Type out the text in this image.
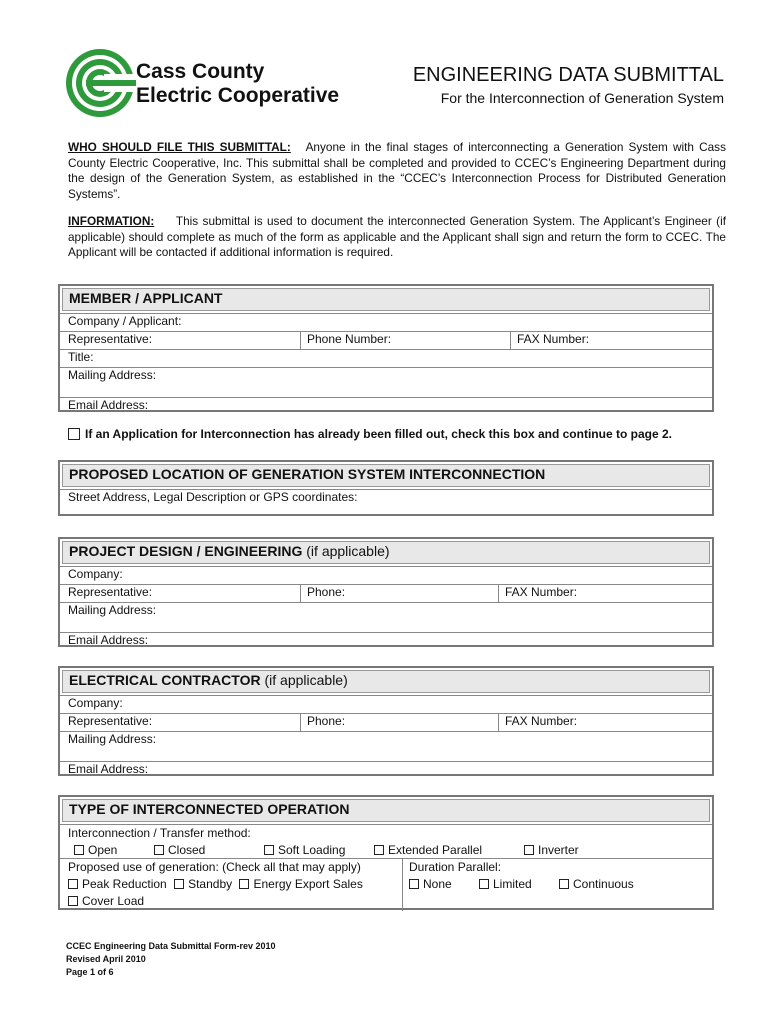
Cass County
Electric Cooperative
ENGINEERING DATA SUBMITTAL
For the Interconnection of Generation System
WHO SHOULD FILE THIS SUBMITTAL: Anyone in the final stages of interconnecting a Generation System with Cass County Electric Cooperative, Inc. This submittal shall be completed and provided to CCEC’s Engineering Department during the design of the Generation System, as established in the “CCEC’s Interconnection Process for Distributed Generation Systems”.
INFORMATION: This submittal is used to document the interconnected Generation System. The Applicant’s Engineer (if applicable) should complete as much of the form as applicable and the Applicant shall sign and return the form to CCEC. The Applicant will be contacted if additional information is required.
MEMBER / APPLICANT
Company / Applicant:
Representative:	Phone Number:	FAX Number:
Title:
Mailing Address:
Email Address:
If an Application for Interconnection has already been filled out, check this box and continue to page 2.
PROPOSED LOCATION OF GENERATION SYSTEM INTERCONNECTION
Street Address, Legal Description or GPS coordinates:
PROJECT DESIGN / ENGINEERING (if applicable)
Company:
Representative:	Phone:	FAX Number:
Mailing Address:
Email Address:
ELECTRICAL CONTRACTOR (if applicable)
Company:
Representative:	Phone:	FAX Number:
Mailing Address:
Email Address:
TYPE OF INTERCONNECTED OPERATION
Interconnection / Transfer method:
Open	Closed	Soft Loading	Extended Parallel	Inverter
Proposed use of generation: (Check all that may apply)
Peak Reduction Standby Energy Export Sales
Cover Load
Duration Parallel:
None	Limited	Continuous
CCEC Engineering Data Submittal Form-rev 2010
Revised April 2010
Page 1 of 6
